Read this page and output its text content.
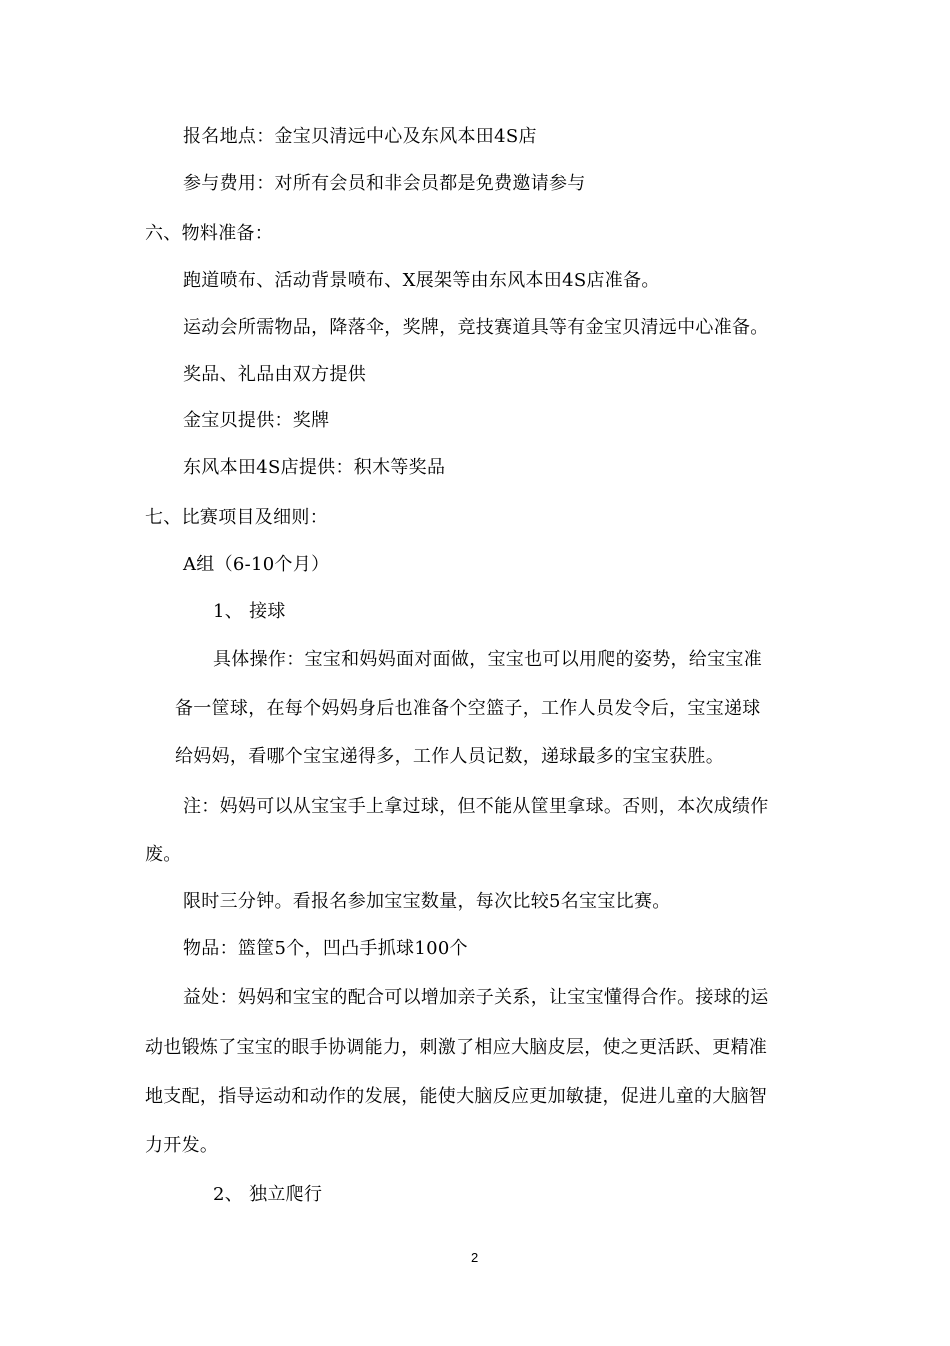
报名地点：金宝贝清远中心及东风本田4S店
参与费用：对所有会员和非会员都是免费邀请参与
六、物料准备：
跑道喷布、活动背景喷布、X展架等由东风本田4S店准备。
运动会所需物品，降落伞，奖牌，竞技赛道具等有金宝贝清远中心准备。
奖品、礼品由双方提供
金宝贝提供：奖牌
东风本田4S店提供：积木等奖品
七、比赛项目及细则：
A组（6-10个月）
1、 接球
具体操作：宝宝和妈妈面对面做，宝宝也可以用爬的姿势，给宝宝准
备一筐球，在每个妈妈身后也准备个空篮子，工作人员发令后，宝宝递球
给妈妈，看哪个宝宝递得多，工作人员记数，递球最多的宝宝获胜。
注：妈妈可以从宝宝手上拿过球，但不能从筐里拿球。否则，本次成绩作
废。
限时三分钟。看报名参加宝宝数量，每次比较5名宝宝比赛。
物品：篮筐5个，凹凸手抓球100个
益处：妈妈和宝宝的配合可以增加亲子关系，让宝宝懂得合作。接球的运
动也锻炼了宝宝的眼手协调能力，刺激了相应大脑皮层，使之更活跃、更精准
地支配，指导运动和动作的发展，能使大脑反应更加敏捷，促进儿童的大脑智
力开发。
2、 独立爬行
2
